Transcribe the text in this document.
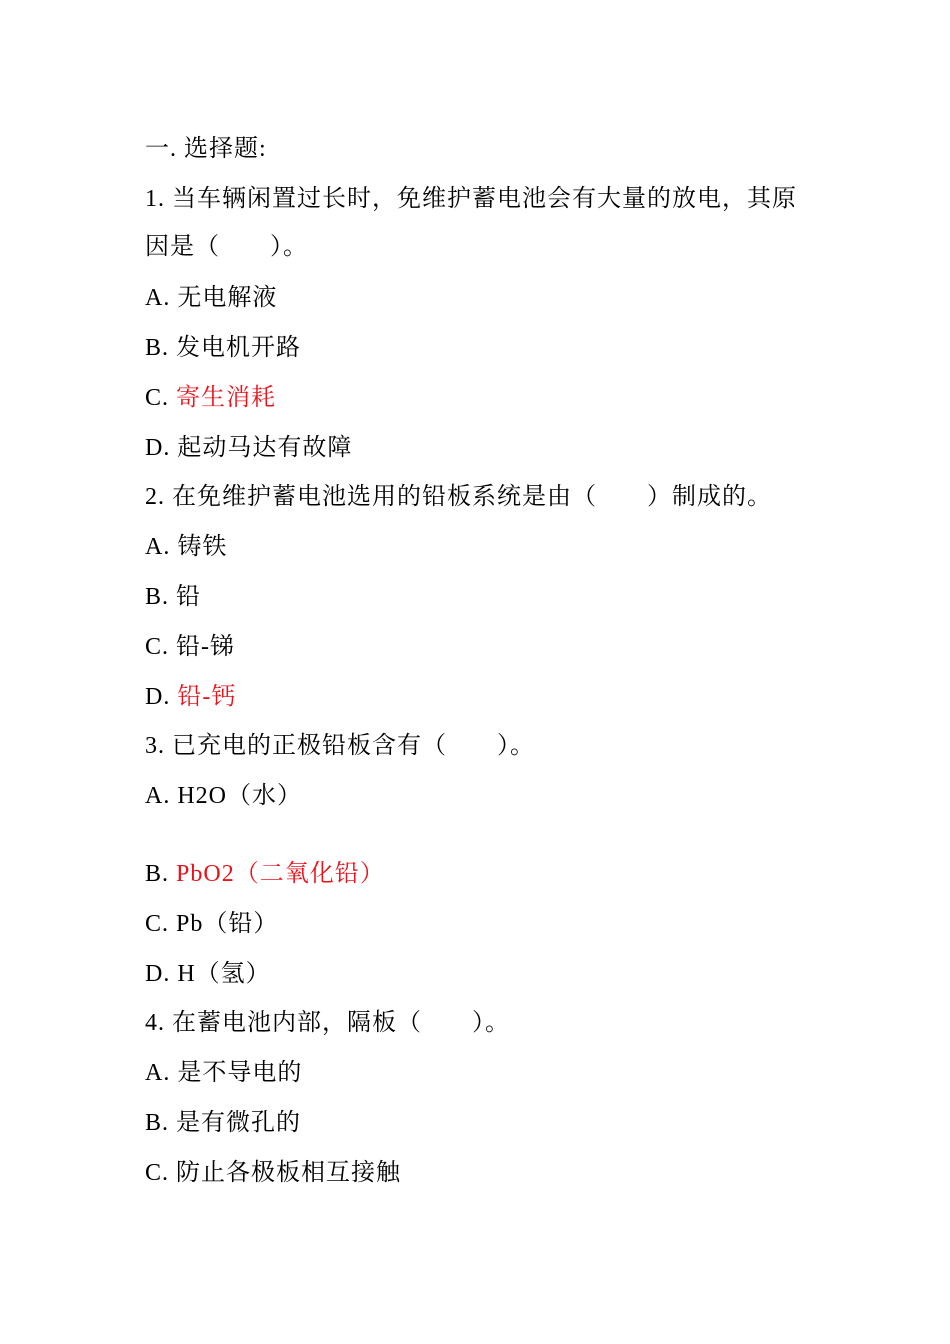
一. 选择题:
1. 当车辆闲置过长时，免维护蓄电池会有大量的放电，其原
因是（　　）。
A. 无电解液
B. 发电机开路
C. 寄生消耗
D. 起动马达有故障
2. 在免维护蓄电池选用的铅板系统是由（　　）制成的。
A. 铸铁
B. 铅
C. 铅-锑
D. 铅-钙
3. 已充电的正极铅板含有（　　）。
A. H2O（水）
B. PbO2（二氧化铅）
C. Pb（铅）
D. H（氢）
4. 在蓄电池内部，隔板（　　）。
A. 是不导电的
B. 是有微孔的
C. 防止各极板相互接触
